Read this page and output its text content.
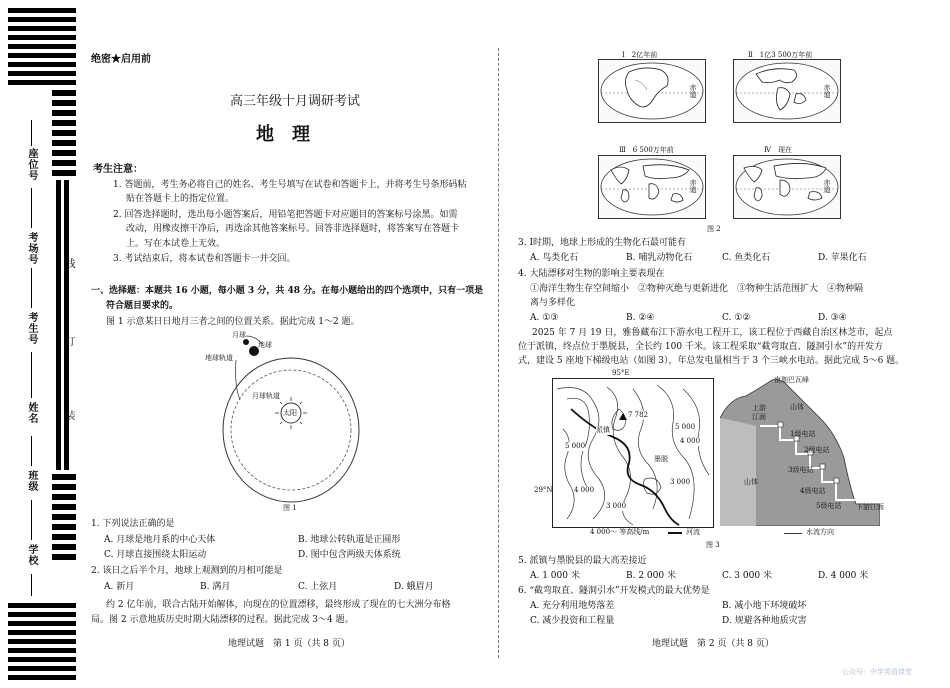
座位号
考场号
考生号
姓名
班级
学校
线
订
装
绝密★启用前
高三年级十月调研考试
地　理
考生注意：
1. 答题前，考生务必将自己的姓名、考生号填写在试卷和答题卡上，并将考生号条形码粘
贴在答题卡上的指定位置。
2. 回答选择题时，选出每小题答案后，用铅笔把答题卡对应题目的答案标号涂黑。如需
改动，用橡皮擦干净后，再选涂其他答案标号。回答非选择题时，将答案写在答题卡
上。写在本试卷上无效。
3. 考试结束后，将本试卷和答题卡一并交回。
一、选择题：本题共 16 小题，每小题 3 分，共 48 分。在每小题给出的四个选项中，只有一项是
符合题目要求的。
图 1 示意某日日地月三者之间的位置关系。据此完成 1～2 题。
月球
地球
地球轨道
月球轨道
太阳
图 1
1. 下列说法正确的是
A. 月球是地月系的中心天体	B. 地球公转轨道是正圆形
C. 月球直接围绕太阳运动	D. 图中包含两级天体系统
2. 该日之后半个月，地球上观测到的月相可能是
A. 新月	B. 满月	C. 上弦月	D. 蛾眉月
约 2 亿年前，联合古陆开始解体，向现在的位置漂移，最终形成了现在的七大洲分布格
局。图 2 示意地质历史时期大陆漂移的过程。据此完成 3～4 题。
地理试题　第 1 页（共 8 页）
Ⅰ　2亿年前
赤道
Ⅱ　1亿3 500万年前
赤道
Ⅲ　6 500万年前
赤道
Ⅳ　现在
赤道
图 2
3. Ⅰ时期，地球上形成的生物化石最可能有
A. 鸟类化石	B. 哺乳动物化石	C. 鱼类化石	D. 苹果化石
4. 大陆漂移对生物的影响主要表现在
①海洋生物生存空间缩小　②物种灭绝与更新进化　③物种生活范围扩大　④物种隔
离与多样化
A. ①③	B. ②④	C. ①②	D. ③④
2025 年 7 月 19 日，雅鲁藏布江下游水电工程开工，该工程位于西藏自治区林芝市，起点
位于派镇，终点位于墨脱县，全长约 100 千米。该工程采取“截弯取直、隧洞引水”的开发方
式，建设 5 座地下梯级电站（如图 3），年总发电量相当于 3 个三峡水电站。据此完成 5～6 题。
95°E
29°N
7 782
派镇
墨脱
5 000
4 000
5 000
3 000
4 000
3 000
4 000～ 等高线/m	河流
南迦巴瓦峰
上游江面
山体
山体
1级电站
2级电站
3级电站
4级电站
5级电站 下游江面
水流方向
图 3
5. 派镇与墨脱县的最大高差接近
A. 1 000 米	B. 2 000 米	C. 3 000 米	D. 4 000 米
6. “截弯取直、隧洞引水”开发模式的最大优势是
A. 充分利用地势落差	B. 减小地下环境破坏
C. 减少投资和工程量	D. 规避各种地质灾害
地理试题　第 2 页（共 8 页）
公众号：中学英语课堂
